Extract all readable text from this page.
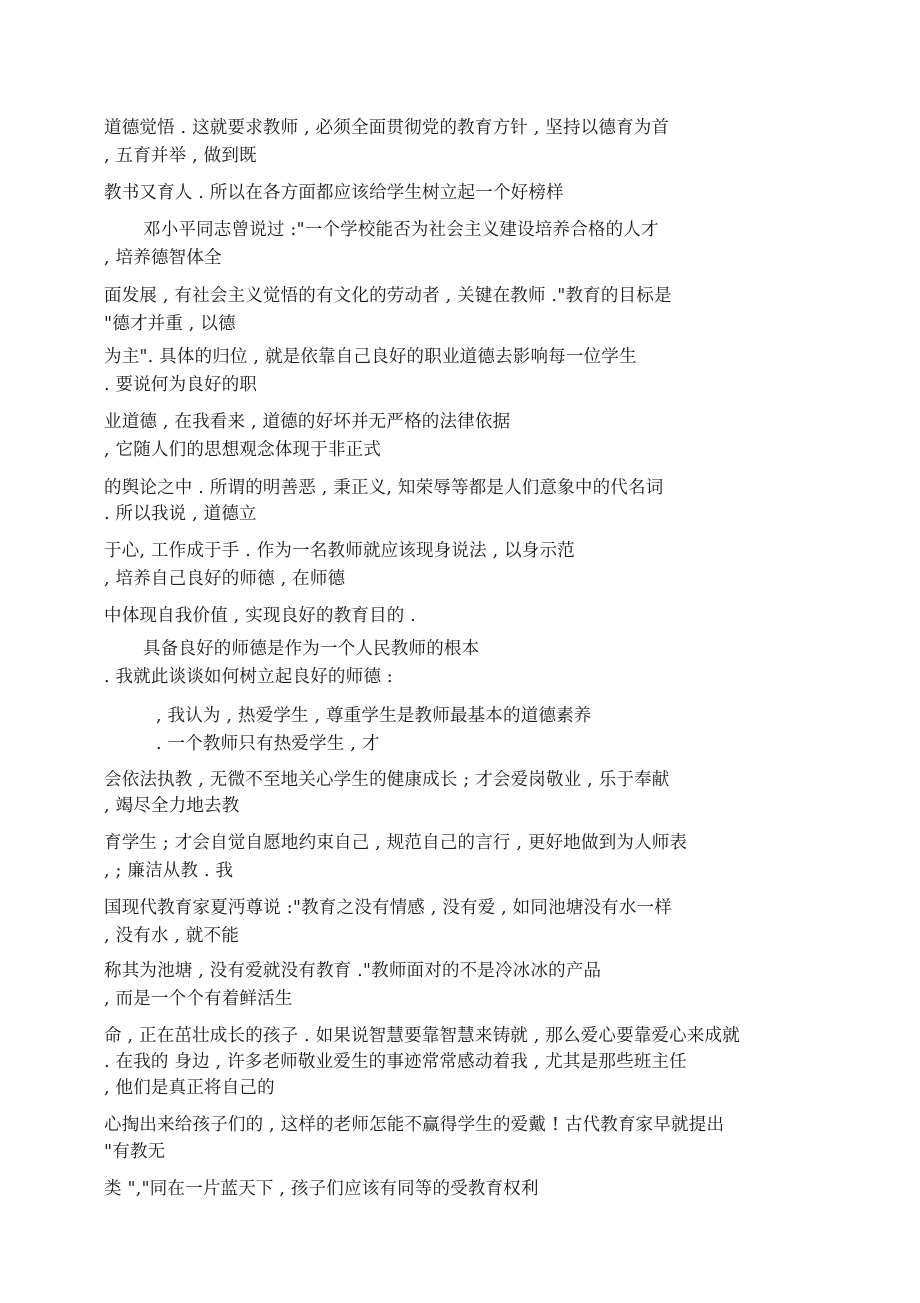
道德觉悟 . 这就要求教师 , 必须全面贯彻党的教育方针 , 坚持以德育为首
, 五育并举 , 做到既
教书又育人 . 所以在各方面都应该给学生树立起一个好榜样
邓小平同志曾说过 :"一个学校能否为社会主义建设培养合格的人才
, 培养德智体全
面发展 , 有社会主义觉悟的有文化的劳动者 , 关键在教师 ."教育的目标是
"德才并重 , 以德
为主". 具体的归位 , 就是依靠自己良好的职业道德去影响每一位学生
. 要说何为良好的职
业道德 , 在我看来 , 道德的好坏并无严格的法律依据
, 它随人们的思想观念体现于非正式
的舆论之中 . 所谓的明善恶 , 秉正义, 知荣辱等都是人们意象中的代名词
. 所以我说 , 道德立
于心, 工作成于手 . 作为一名教师就应该现身说法 , 以身示范
, 培养自己良好的师德 , 在师德
中体现自我价值 , 实现良好的教育目的 .
具备良好的师德是作为一个人民教师的根本
. 我就此谈谈如何树立起良好的师德 :
, 我认为 , 热爱学生 , 尊重学生是教师最基本的道德素养
. 一个教师只有热爱学生 , 才
会依法执教 , 无微不至地关心学生的健康成长 ; 才会爱岗敬业 , 乐于奉献
, 竭尽全力地去教
育学生 ; 才会自觉自愿地约束自己 , 规范自己的言行 , 更好地做到为人师表
, ; 廉洁从教 . 我
国现代教育家夏沔尊说 :"教育之没有情感 , 没有爱 , 如同池塘没有水一样
, 没有水 , 就不能
称其为池塘 , 没有爱就没有教育 ."教师面对的不是冷冰冰的产品
, 而是一个个有着鲜活生
命 , 正在茁壮成长的孩子 . 如果说智慧要靠智慧来铸就 , 那么爱心要靠爱心来成就
. 在我的 身边 , 许多老师敬业爱生的事迹常常感动着我 , 尤其是那些班主任
, 他们是真正将自己的
心掏出来给孩子们的 , 这样的老师怎能不赢得学生的爱戴 ! 古代教育家早就提出
"有教无
类 ","同在一片蓝天下 , 孩子们应该有同等的受教育权利
